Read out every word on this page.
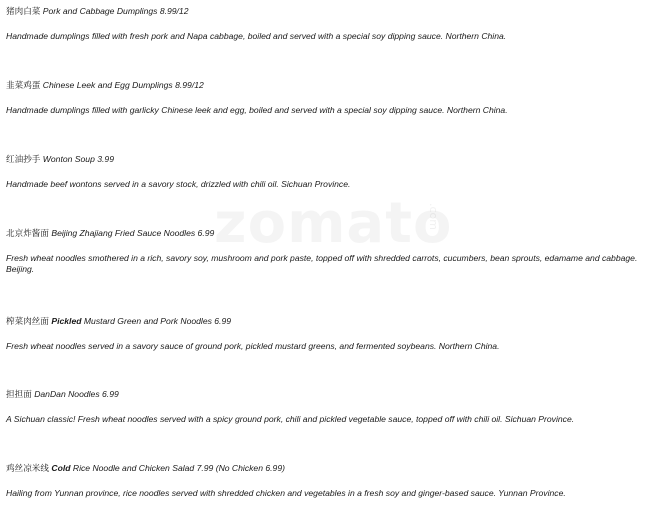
.com
猪肉白菜 Pork and Cabbage Dumplings 8.99/12
Handmade dumplings filled with fresh pork and Napa cabbage, boiled and served with a special soy dipping sauce. Northern China.
韭菜鸡蛋 Chinese Leek and Egg Dumplings 8.99/12
Handmade dumplings filled with garlicky Chinese leek and egg, boiled and served with a special soy dipping sauce. Northern China.
红油抄手 Wonton Soup 3.99
Handmade beef wontons served in a savory stock, drizzled with chili oil. Sichuan Province.
北京炸酱面 Beijing Zhajiang Fried Sauce Noodles 6.99
Fresh wheat noodles smothered in a rich, savory soy, mushroom and pork paste, topped off with shredded carrots, cucumbers, bean sprouts, edamame and cabbage. Beijing.
榨菜肉丝面 Pickled Mustard Green and Pork Noodles 6.99
Fresh wheat noodles served in a savory sauce of ground pork, pickled mustard greens, and fermented soybeans. Northern China.
担担面 DanDan Noodles 6.99
A Sichuan classic! Fresh wheat noodles served with a spicy ground pork, chili and pickled vegetable sauce, topped off with chili oil. Sichuan Province.
鸡丝凉米线 Cold Rice Noodle and Chicken Salad 7.99 (No Chicken 6.99)
Hailing from Yunnan province, rice noodles served with shredded chicken and vegetables in a fresh soy and ginger-based sauce. Yunnan Province.
